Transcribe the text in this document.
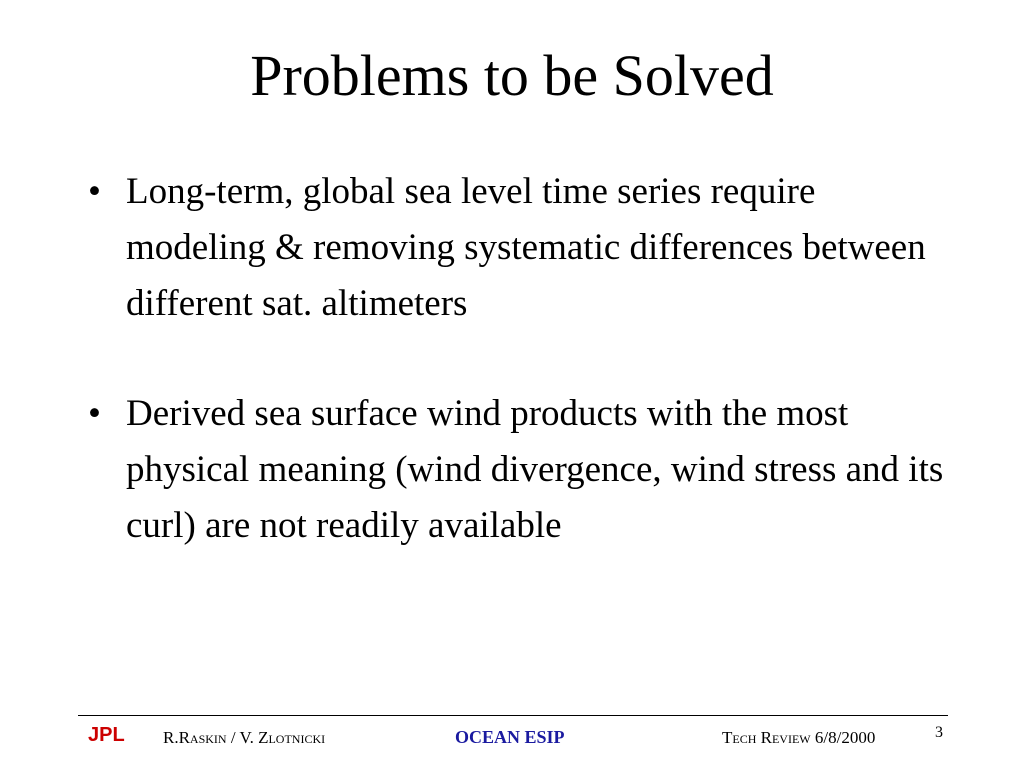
Problems to be Solved
• Long-term, global sea level time series require modeling & removing systematic differences between different sat. altimeters
• Derived sea surface wind products with the most physical meaning (wind divergence, wind stress and its curl) are not readily available
JPL R.Raskin / V. Zlotnicki	OCEAN ESIP	Tech Review 6/8/2000	3
